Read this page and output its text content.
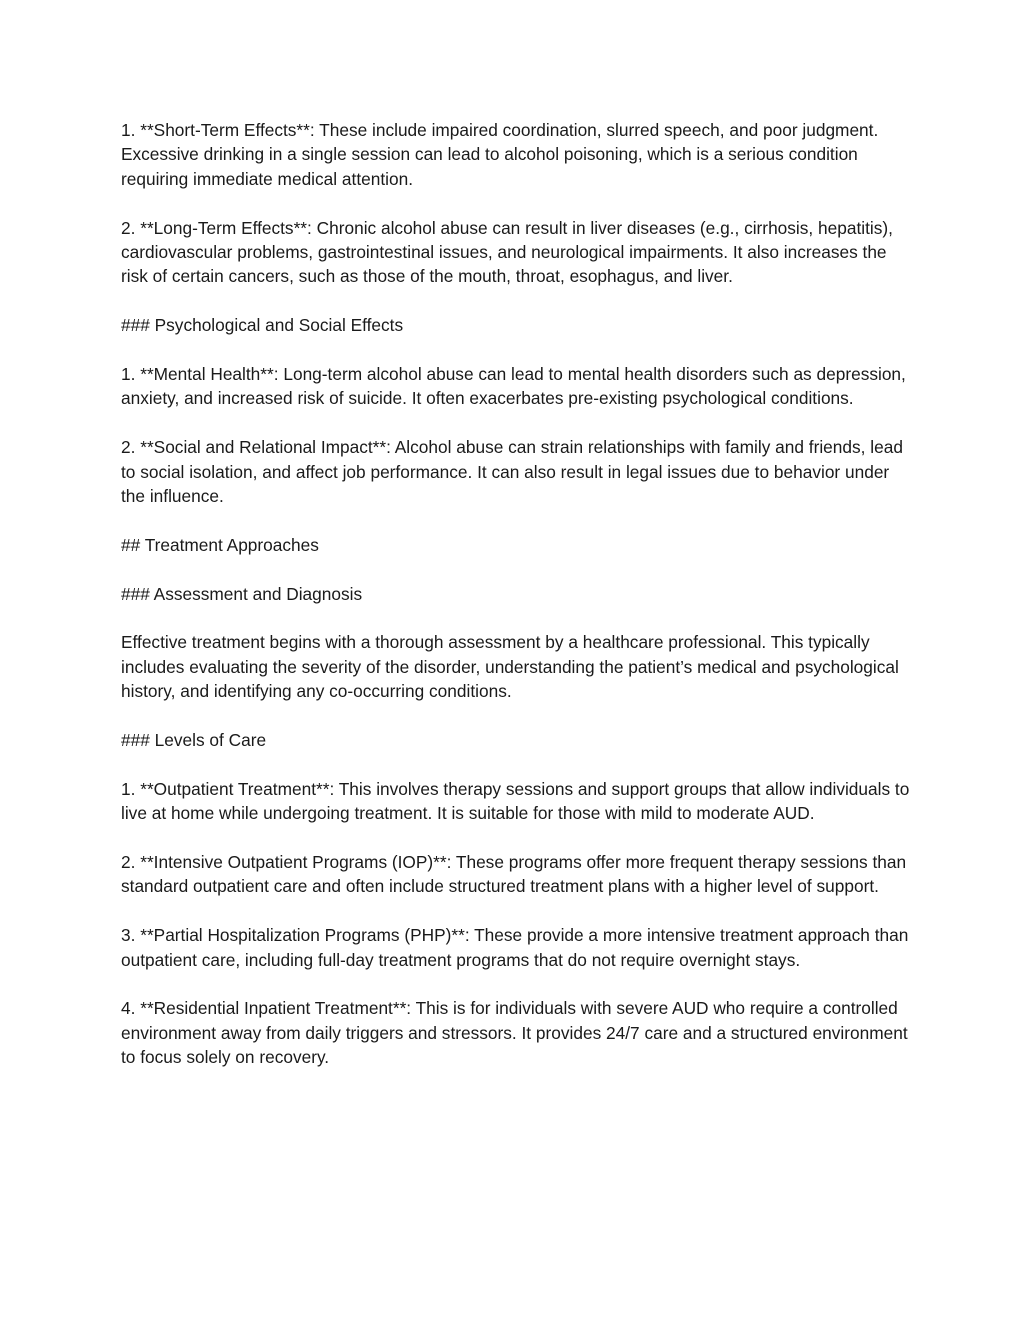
1. **Short-Term Effects**: These include impaired coordination, slurred speech, and poor judgment. Excessive drinking in a single session can lead to alcohol poisoning, which is a serious condition requiring immediate medical attention.

2. **Long-Term Effects**: Chronic alcohol abuse can result in liver diseases (e.g., cirrhosis, hepatitis), cardiovascular problems, gastrointestinal issues, and neurological impairments. It also increases the risk of certain cancers, such as those of the mouth, throat, esophagus, and liver.

### Psychological and Social Effects

1. **Mental Health**: Long-term alcohol abuse can lead to mental health disorders such as depression, anxiety, and increased risk of suicide. It often exacerbates pre-existing psychological conditions.

2. **Social and Relational Impact**: Alcohol abuse can strain relationships with family and friends, lead to social isolation, and affect job performance. It can also result in legal issues due to behavior under the influence.

## Treatment Approaches

### Assessment and Diagnosis

Effective treatment begins with a thorough assessment by a healthcare professional. This typically includes evaluating the severity of the disorder, understanding the patient’s medical and psychological history, and identifying any co-occurring conditions.

### Levels of Care

1. **Outpatient Treatment**: This involves therapy sessions and support groups that allow individuals to live at home while undergoing treatment. It is suitable for those with mild to moderate AUD.

2. **Intensive Outpatient Programs (IOP)**: These programs offer more frequent therapy sessions than standard outpatient care and often include structured treatment plans with a higher level of support.

3. **Partial Hospitalization Programs (PHP)**: These provide a more intensive treatment approach than outpatient care, including full-day treatment programs that do not require overnight stays.

4. **Residential Inpatient Treatment**: This is for individuals with severe AUD who require a controlled environment away from daily triggers and stressors. It provides 24/7 care and a structured environment to focus solely on recovery.
